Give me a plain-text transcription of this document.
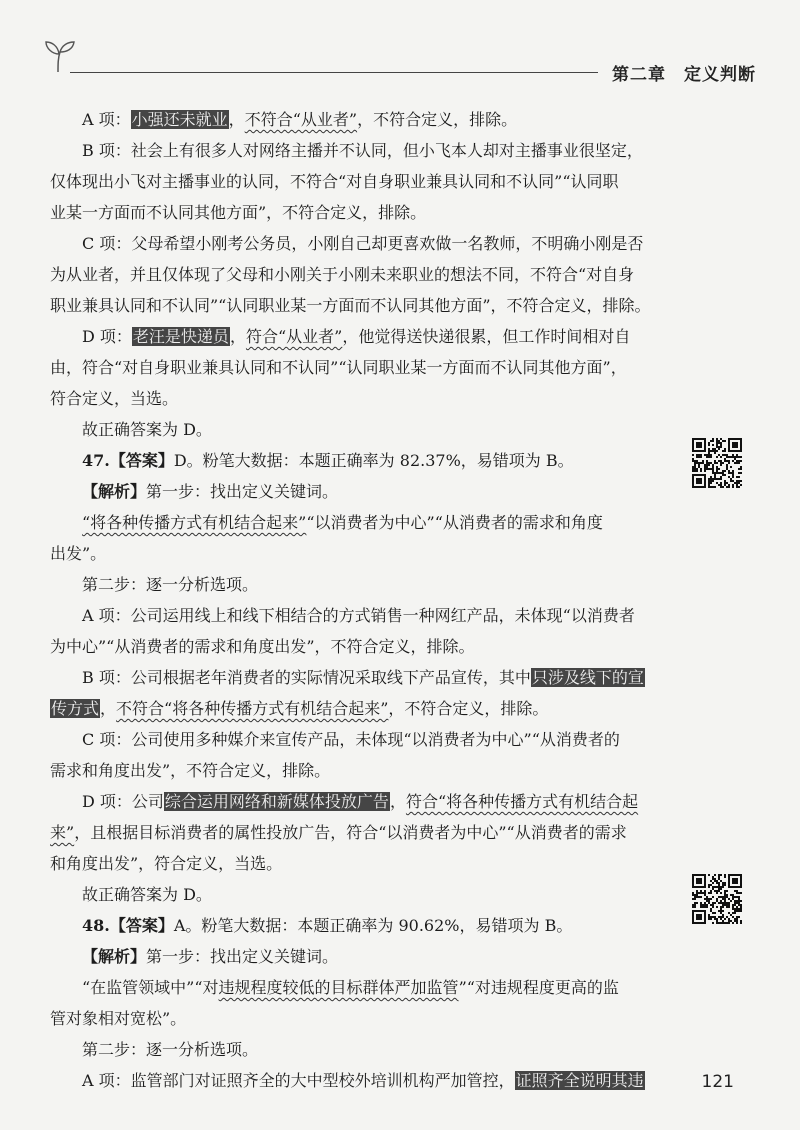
第二章 定义判断
A 项：小强还未就业，不符合“从业者”，不符合定义，排除。
B 项：社会上有很多人对网络主播并不认同，但小飞本人却对主播事业很坚定，
仅体现出小飞对主播事业的认同，不符合“对自身职业兼具认同和不认同”“认同职
业某一方面而不认同其他方面”，不符合定义，排除。
C 项：父母希望小刚考公务员，小刚自己却更喜欢做一名教师，不明确小刚是否
为从业者，并且仅体现了父母和小刚关于小刚未来职业的想法不同，不符合“对自身
职业兼具认同和不认同”“认同职业某一方面而不认同其他方面”，不符合定义，排除。
D 项：老汪是快递员，符合“从业者”，他觉得送快递很累，但工作时间相对自
由，符合“对自身职业兼具认同和不认同”“认同职业某一方面而不认同其他方面”，
符合定义，当选。
故正确答案为 D。
47.【答案】D。粉笔大数据：本题正确率为 82.37%，易错项为 B。
【解析】第一步：找出定义关键词。
“将各种传播方式有机结合起来”“以消费者为中心”“从消费者的需求和角度
出发”。
第二步：逐一分析选项。
A 项：公司运用线上和线下相结合的方式销售一种网红产品，未体现“以消费者
为中心”“从消费者的需求和角度出发”，不符合定义，排除。
B 项：公司根据老年消费者的实际情况采取线下产品宣传，其中只涉及线下的宣
传方式，不符合“将各种传播方式有机结合起来”，不符合定义，排除。
C 项：公司使用多种媒介来宣传产品，未体现“以消费者为中心”“从消费者的
需求和角度出发”，不符合定义，排除。
D 项：公司综合运用网络和新媒体投放广告，符合“将各种传播方式有机结合起
来”，且根据目标消费者的属性投放广告，符合“以消费者为中心”“从消费者的需求
和角度出发”，符合定义，当选。
故正确答案为 D。
48.【答案】A。粉笔大数据：本题正确率为 90.62%，易错项为 B。
【解析】第一步：找出定义关键词。
“在监管领域中”“对违规程度较低的目标群体严加监管”“对违规程度更高的监
管对象相对宽松”。
第二步：逐一分析选项。
A 项：监管部门对证照齐全的大中型校外培训机构严加管控，证照齐全说明其违	121
